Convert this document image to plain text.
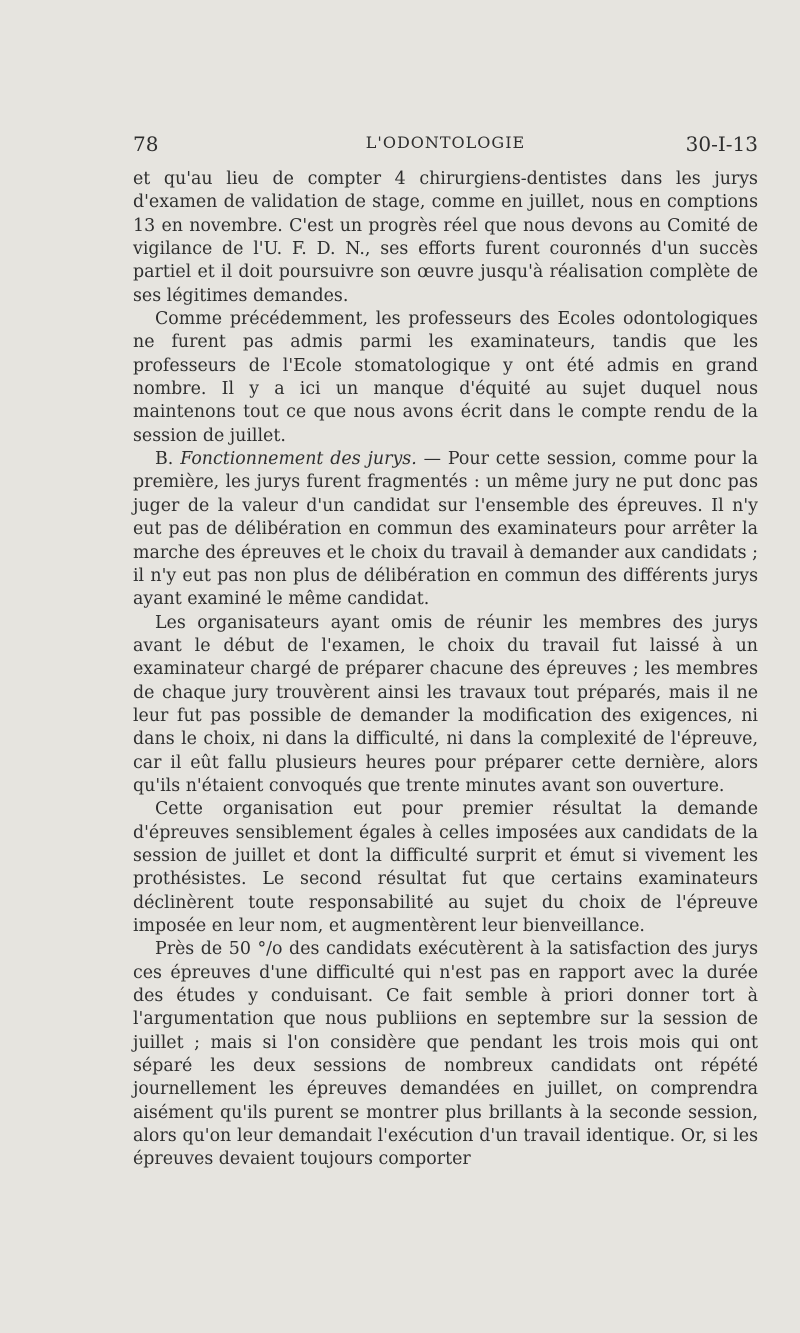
78	L'ODONTOLOGIE	30-I-13

et qu'au lieu de compter 4 chirurgiens-dentistes dans les jurys d'examen de validation de stage, comme en juillet, nous en comptions 13 en novembre. C'est un progrès réel que nous devons au Comité de vigilance de l'U. F. D. N., ses efforts furent couronnés d'un succès partiel et il doit poursuivre son œuvre jusqu'à réalisation complète de ses légitimes demandes.

Comme précédemment, les professeurs des Ecoles odontologiques ne furent pas admis parmi les examinateurs, tandis que les professeurs de l'Ecole stomatologique y ont été admis en grand nombre. Il y a ici un manque d'équité au sujet duquel nous maintenons tout ce que nous avons écrit dans le compte rendu de la session de juillet.

B. Fonctionnement des jurys. — Pour cette session, comme pour la première, les jurys furent fragmentés : un même jury ne put donc pas juger de la valeur d'un candidat sur l'ensemble des épreuves. Il n'y eut pas de délibération en commun des examinateurs pour arrêter la marche des épreuves et le choix du travail à demander aux candidats ; il n'y eut pas non plus de délibération en commun des différents jurys ayant examiné le même candidat.

Les organisateurs ayant omis de réunir les membres des jurys avant le début de l'examen, le choix du travail fut laissé à un examinateur chargé de préparer chacune des épreuves ; les membres de chaque jury trouvèrent ainsi les travaux tout préparés, mais il ne leur fut pas possible de demander la modification des exigences, ni dans le choix, ni dans la difficulté, ni dans la complexité de l'épreuve, car il eût fallu plusieurs heures pour préparer cette dernière, alors qu'ils n'étaient convoqués que trente minutes avant son ouverture.

Cette organisation eut pour premier résultat la demande d'épreuves sensiblement égales à celles imposées aux candidats de la session de juillet et dont la difficulté surprit et émut si vivement les prothésistes. Le second résultat fut que certains examinateurs déclinèrent toute responsabilité au sujet du choix de l'épreuve imposée en leur nom, et augmentèrent leur bienveillance.

Près de 50 °/o des candidats exécutèrent à la satisfaction des jurys ces épreuves d'une difficulté qui n'est pas en rapport avec la durée des études y conduisant. Ce fait semble à priori donner tort à l'argumentation que nous publiions en septembre sur la session de juillet ; mais si l'on considère que pendant les trois mois qui ont séparé les deux sessions de nombreux candidats ont répété journellement les épreuves demandées en juillet, on comprendra aisément qu'ils purent se montrer plus brillants à la seconde session, alors qu'on leur demandait l'exécution d'un travail identique. Or, si les épreuves devaient toujours comporter
